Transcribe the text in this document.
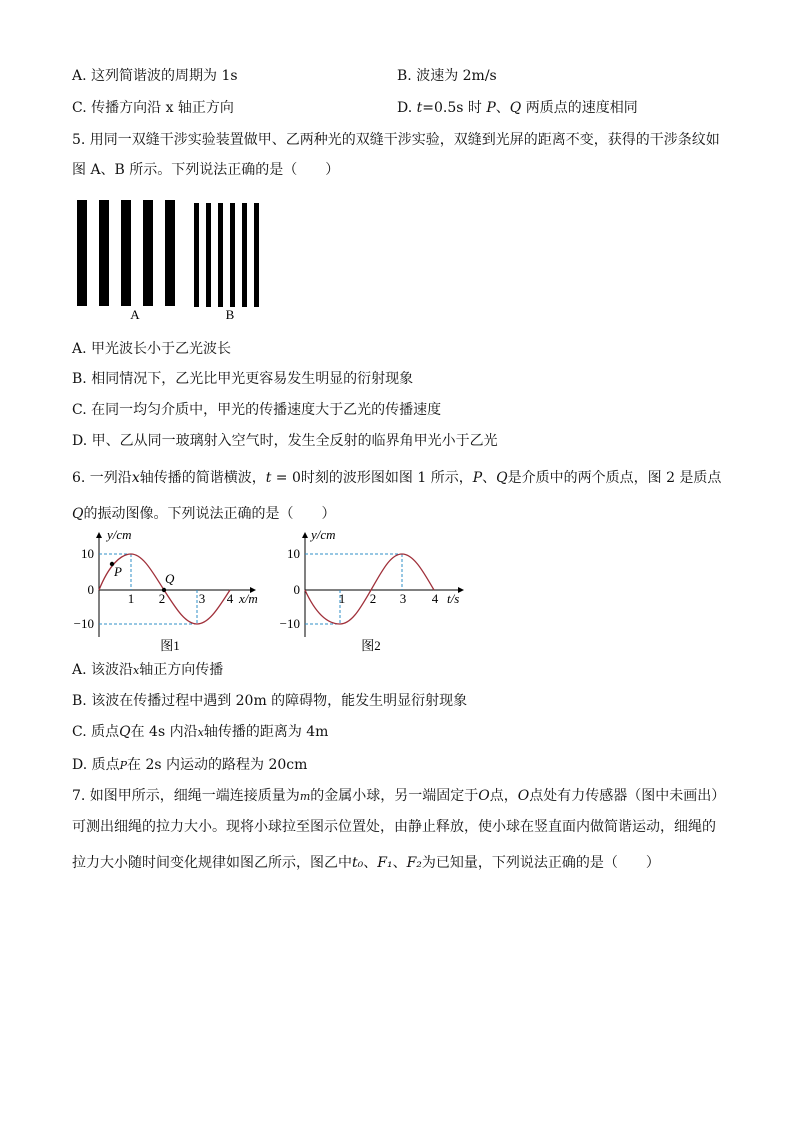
A. 这列简谐波的周期为 1s	B. 波速为 2m/s
C. 传播方向沿 x 轴正方向	D. t=0.5s 时 P、Q 两质点的速度相同
5. 用同一双缝干涉实验装置做甲、乙两种光的双缝干涉实验，双缝到光屏的距离不变，获得的干涉条纹如
图 A、B 所示。下列说法正确的是（　　）
A	B
A. 甲光波长小于乙光波长
B. 相同情况下，乙光比甲光更容易发生明显的衍射现象
C. 在同一均匀介质中，甲光的传播速度大于乙光的传播速度
D. 甲、乙从同一玻璃射入空气时，发生全反射的临界角甲光小于乙光
6. 一列沿x轴传播的简谐横波，t = 0时刻的波形图如图 1 所示，P、Q是介质中的两个质点，图 2 是质点
Q的振动图像。下列说法正确的是（　　）
y/cm
x/m
10
0
−10
1 2	3 4
P	Q
图1
y/cm
t/s
10
0
−10
1 2 3 4
图2
A. 该波沿x轴正方向传播
B. 该波在传播过程中遇到 20m 的障碍物，能发生明显衍射现象
C. 质点Q在 4s 内沿x轴传播的距离为 4m
D. 质点P在 2s 内运动的路程为 20cm
7. 如图甲所示，细绳一端连接质量为m的金属小球，另一端固定于O点，O点处有力传感器（图中未画出）
可测出细绳的拉力大小。现将小球拉至图示位置处，由静止释放，使小球在竖直面内做简谐运动，细绳的
拉力大小随时间变化规律如图乙所示，图乙中t₀、F₁、F₂为已知量，下列说法正确的是（　　）
